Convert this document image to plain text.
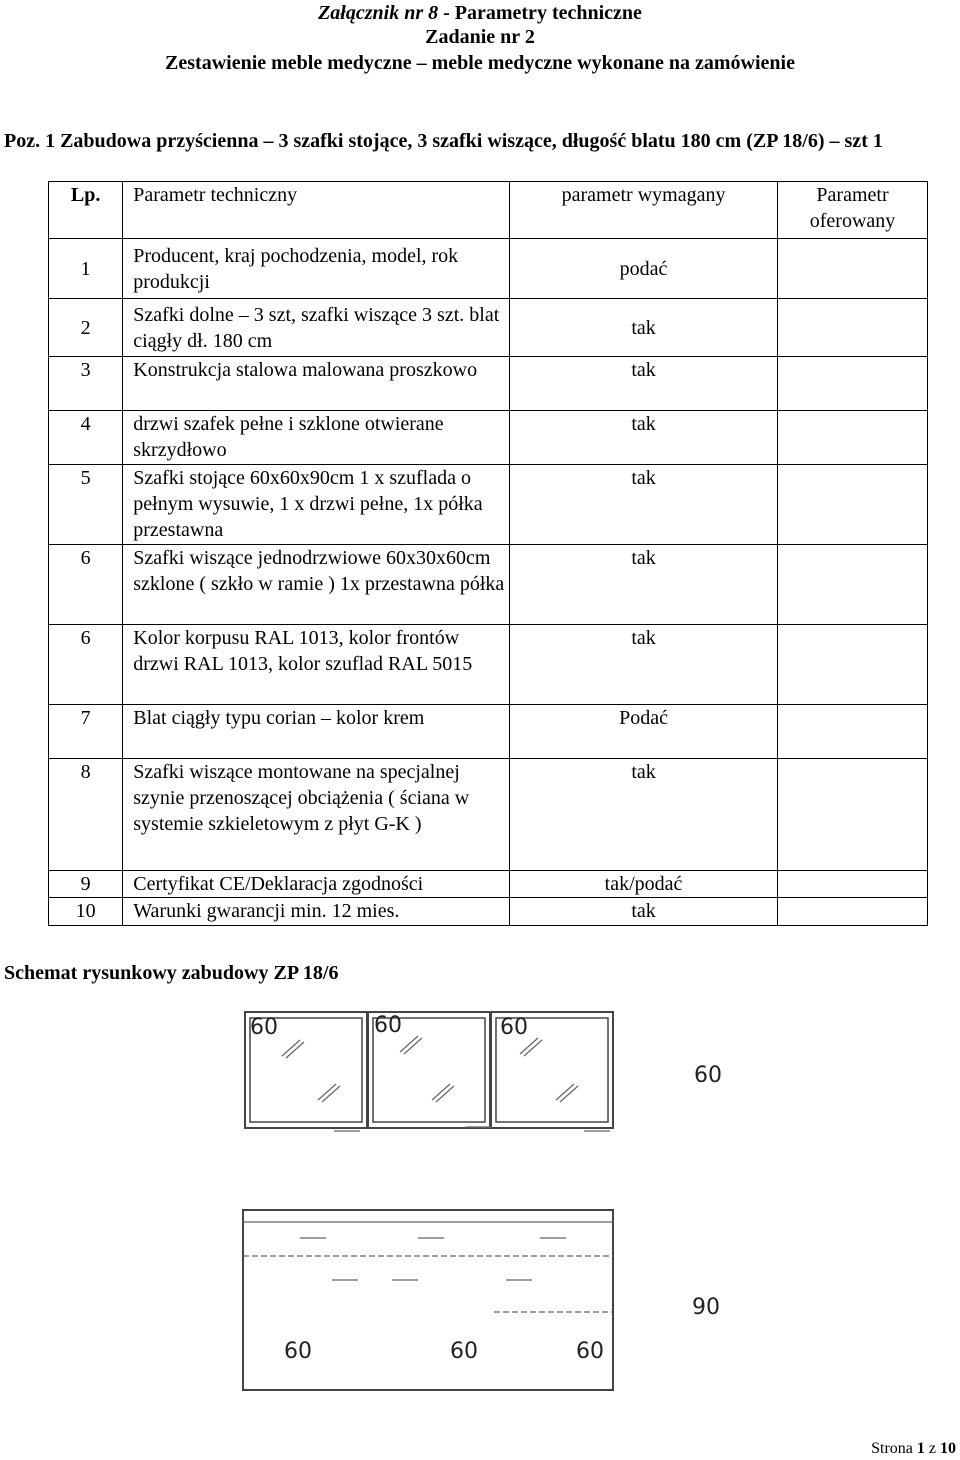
Załącznik nr 8 - Parametry techniczne
Zadanie nr 2
Zestawienie meble medyczne – meble medyczne wykonane na zamówienie
Poz. 1 Zabudowa przyścienna – 3 szafki stojące, 3 szafki wiszące, długość blatu 180 cm (ZP 18/6) – szt 1
Lp.	Parametr techniczny	parametr wymagany	Parametr oferowany
1	Producent, kraj pochodzenia, model, rok produkcji	podać	
2	Szafki dolne – 3 szt, szafki wiszące 3 szt. blat ciągły dł. 180 cm	tak	
3	Konstrukcja stalowa malowana proszkowo	tak	
4	drzwi szafek pełne i szklone otwierane skrzydłowo	tak	
5	Szafki stojące 60x60x90cm 1 x szuflada o pełnym wysuwie, 1 x drzwi pełne, 1x półka przestawna	tak	
6	Szafki wiszące jednodrzwiowe 60x30x60cm szklone ( szkło w ramie ) 1x przestawna półka	tak	
6	Kolor korpusu RAL 1013, kolor frontów drzwi RAL 1013, kolor szuflad RAL 5015	tak	
7	Blat ciągły typu corian – kolor krem	Podać	
8	Szafki wiszące montowane na specjalnej szynie przenoszącej obciążenia ( ściana w systemie szkieletowym z płyt G-K )	tak	
9	Certyfikat CE/Deklaracja zgodności	tak/podać	
10	Warunki gwarancji min. 12 mies.	tak	
Schemat rysunkowy zabudowy ZP 18/6
60	60	60
60
60	60	60
90
Strona 1 z 10
